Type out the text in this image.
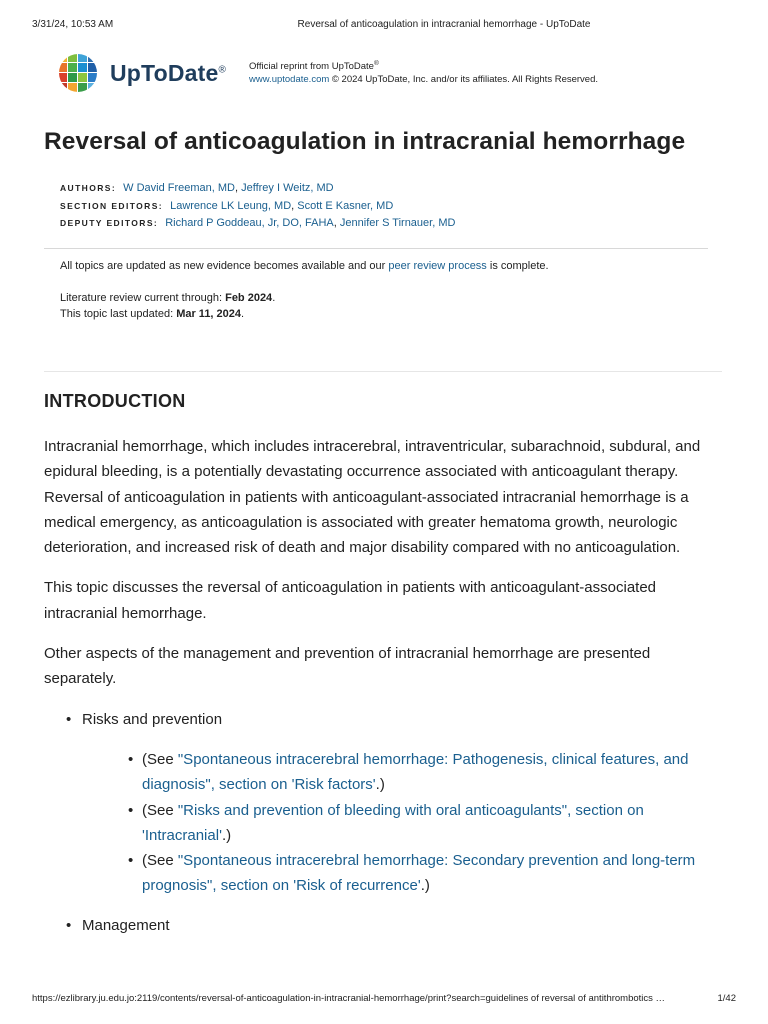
3/31/24, 10:53 AM	Reversal of anticoagulation in intracranial hemorrhage - UpToDate
UpToDate® Official reprint from UpToDate®
www.uptodate.com © 2024 UpToDate, Inc. and/or its affiliates. All Rights Reserved.
Reversal of anticoagulation in intracranial hemorrhage
AUTHORS: W David Freeman, MD, Jeffrey I Weitz, MD
SECTION EDITORS: Lawrence LK Leung, MD, Scott E Kasner, MD
DEPUTY EDITORS: Richard P Goddeau, Jr, DO, FAHA, Jennifer S Tirnauer, MD

All topics are updated as new evidence becomes available and our peer review process is complete.

Literature review current through: Feb 2024.

This topic last updated: Mar 11, 2024.

INTRODUCTION

Intracranial hemorrhage, which includes intracerebral, intraventricular, subarachnoid, subdural, and epidural bleeding, is a potentially devastating occurrence associated with anticoagulant therapy. Reversal of anticoagulation in patients with anticoagulant-associated intracranial hemorrhage is a medical emergency, as anticoagulation is associated with greater hematoma growth, neurologic deterioration, and increased risk of death and major disability compared with no anticoagulation.

This topic discusses the reversal of anticoagulation in patients with anticoagulant-associated intracranial hemorrhage.

Other aspects of the management and prevention of intracranial hemorrhage are presented separately.

• Risks and prevention
• (See "Spontaneous intracerebral hemorrhage: Pathogenesis, clinical features, and diagnosis", section on 'Risk factors'.)
• (See "Risks and prevention of bleeding with oral anticoagulants", section on 'Intracranial'.)
• (See "Spontaneous intracerebral hemorrhage: Secondary prevention and long-term prognosis", section on 'Risk of recurrence'.)
• Management
https://ezlibrary.ju.edu.jo:2119/contents/reversal-of-anticoagulation-in-intracranial-hemorrhage/print?search=guidelines of reversal of antithrombotics …	1/42
